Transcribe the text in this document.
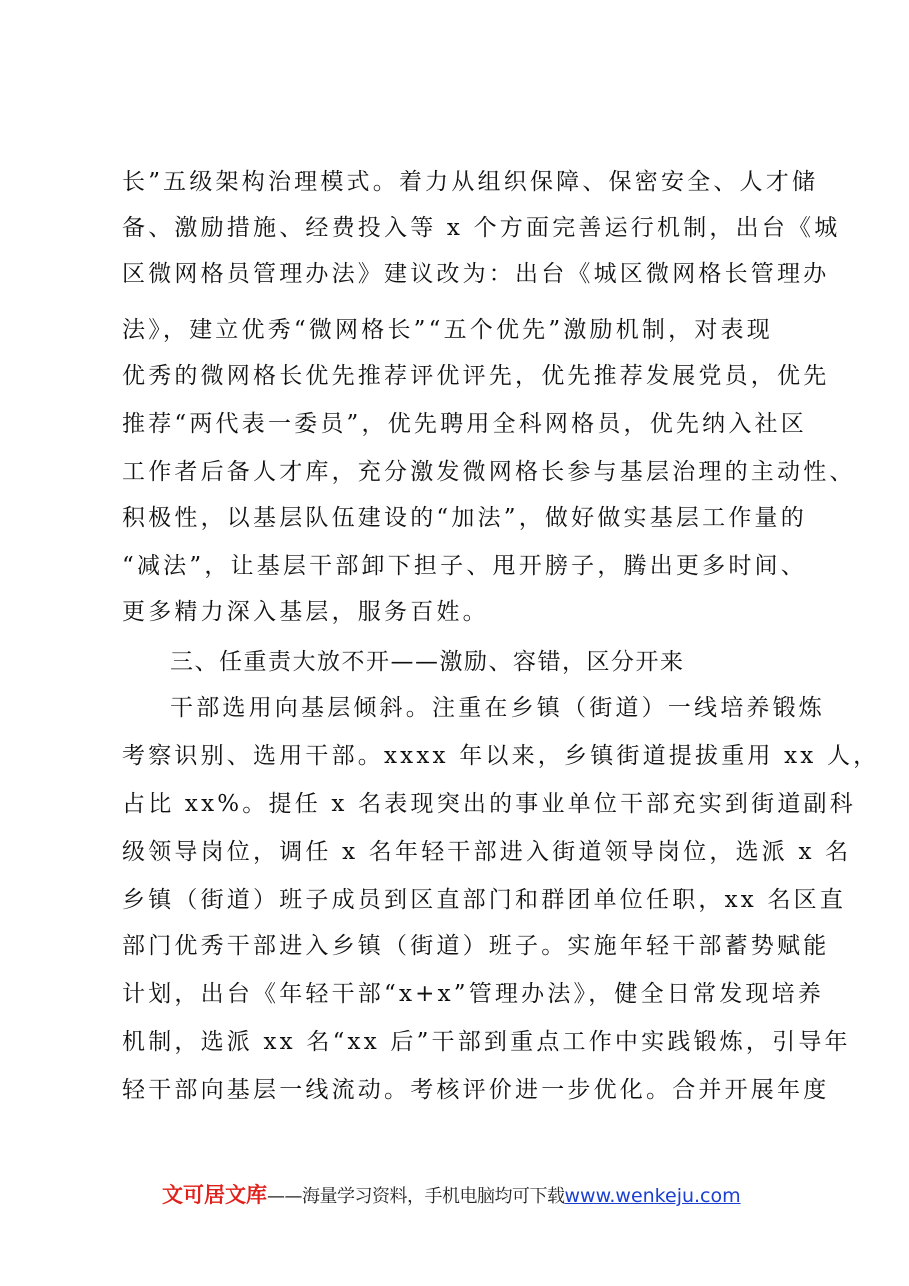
长”五级架构治理模式。着力从组织保障、保密安全、人才储
备、激励措施、经费投入等 x 个方面完善运行机制，出台《城
区微网格员管理办法》建议改为：出台《城区微网格长管理办
法》，建立优秀“微网格长”“五个优先”激励机制，对表现
优秀的微网格长优先推荐评优评先，优先推荐发展党员，优先
推荐“两代表一委员”，优先聘用全科网格员，优先纳入社区
工作者后备人才库，充分激发微网格长参与基层治理的主动性、
积极性，以基层队伍建设的“加法”，做好做实基层工作量的
“减法”，让基层干部卸下担子、甩开膀子，腾出更多时间、
更多精力深入基层，服务百姓。
三、任重责大放不开——激励、容错，区分开来
干部选用向基层倾斜。注重在乡镇（街道）一线培养锻炼
考察识别、选用干部。xxxx 年以来，乡镇街道提拔重用 xx 人，
占比 xx%。提任 x 名表现突出的事业单位干部充实到街道副科
级领导岗位，调任 x 名年轻干部进入街道领导岗位，选派 x 名
乡镇（街道）班子成员到区直部门和群团单位任职，xx 名区直
部门优秀干部进入乡镇（街道）班子。实施年轻干部蓄势赋能
计划，出台《年轻干部“x+x”管理办法》，健全日常发现培养
机制，选派 xx 名“xx 后”干部到重点工作中实践锻炼，引导年
轻干部向基层一线流动。考核评价进一步优化。合并开展年度
文可居文库——海量学习资料，手机电脑均可下载www.wenkeju.com
